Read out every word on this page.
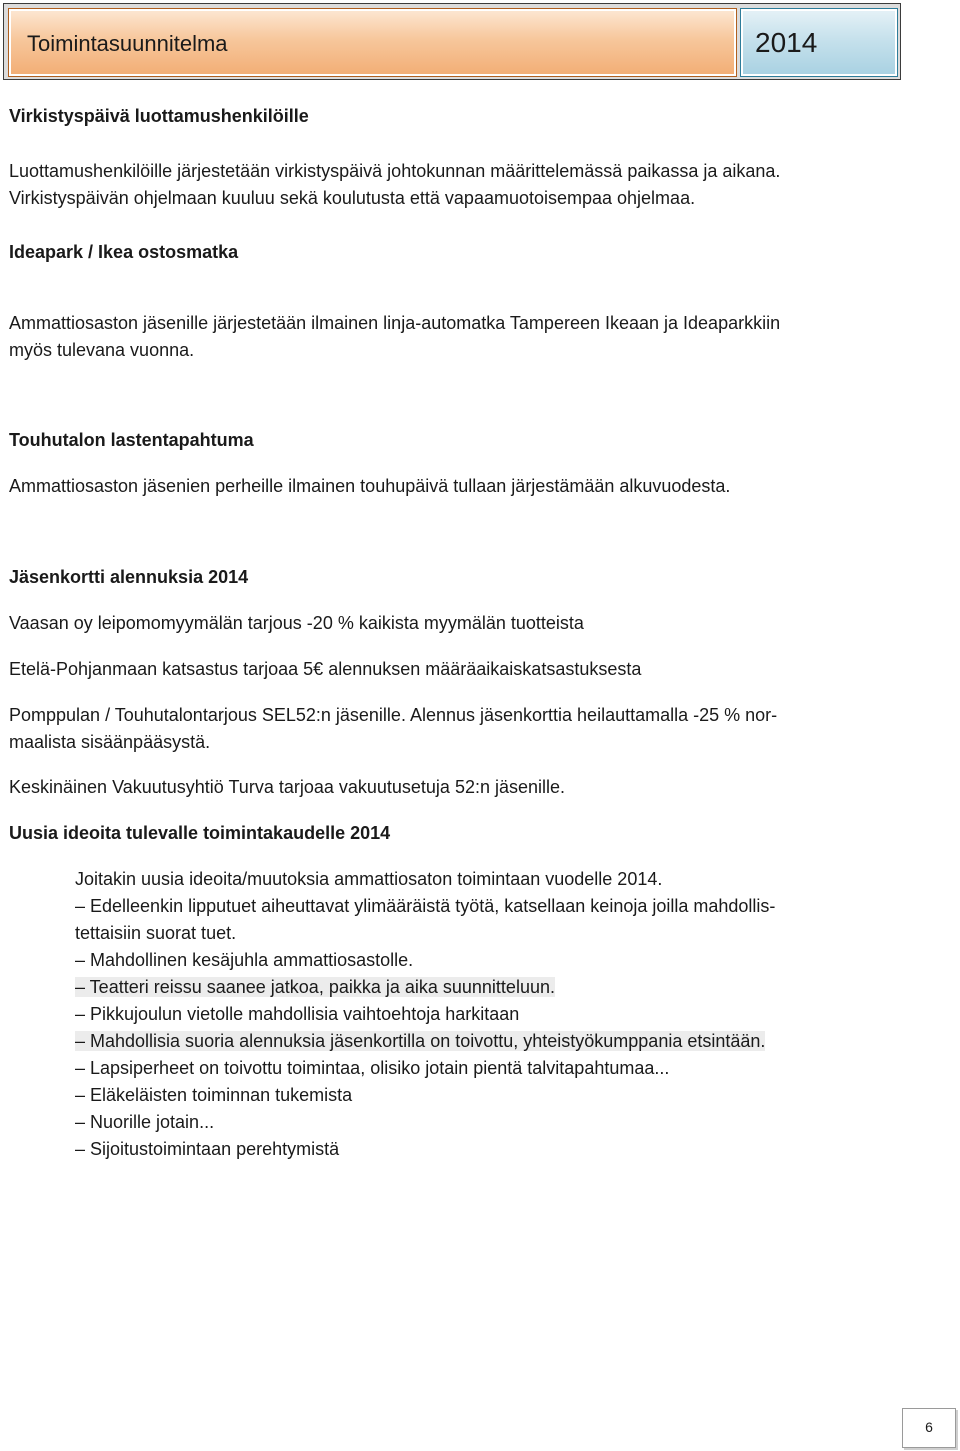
Toimintasuunnitelma	2014
Virkistyspäivä luottamushenkilöille
Luottamushenkilöille järjestetään virkistyspäivä johtokunnan määrittelemässä paikassa ja aikana.
Virkistyspäivän ohjelmaan kuuluu sekä koulutusta että vapaamuotoisempaa ohjelmaa.
Ideapark / Ikea ostosmatka
Ammattiosaston jäsenille järjestetään ilmainen linja-automatka Tampereen Ikeaan ja Ideaparkkiin
myös tulevana vuonna.
Touhutalon lastentapahtuma
Ammattiosaston jäsenien perheille ilmainen touhupäivä tullaan järjestämään alkuvuodesta.
Jäsenkortti alennuksia 2014
Vaasan oy leipomomyymälän tarjous -20 % kaikista myymälän tuotteista
Etelä-Pohjanmaan katsastus tarjoaa 5€ alennuksen määräaikaiskatsastuksesta
Pomppulan / Touhutalontarjous SEL52:n jäsenille. Alennus jäsenkorttia heilauttamalla -25 % nor-
maalista sisäänpääsystä.
Keskinäinen Vakuutusyhtiö Turva tarjoaa vakuutusetuja 52:n jäsenille.
Uusia ideoita tulevalle toimintakaudelle 2014
Joitakin uusia ideoita/muutoksia ammattiosaton toimintaan vuodelle 2014.
– Edelleenkin lipputuet aiheuttavat ylimääräistä työtä, katsellaan keinoja joilla mahdollis-
tettaisiin suorat tuet.
– Mahdollinen kesäjuhla ammattiosastolle.
– Teatteri reissu saanee jatkoa, paikka ja aika suunnitteluun.
– Pikkujoulun vietolle mahdollisia vaihtoehtoja harkitaan
– Mahdollisia suoria alennuksia jäsenkortilla on toivottu, yhteistyökumppania etsintään.
– Lapsiperheet on toivottu toimintaa, olisiko jotain pientä talvitapahtumaa...
– Eläkeläisten toiminnan tukemista
– Nuorille jotain...
– Sijoitustoimintaan perehtymistä
6
